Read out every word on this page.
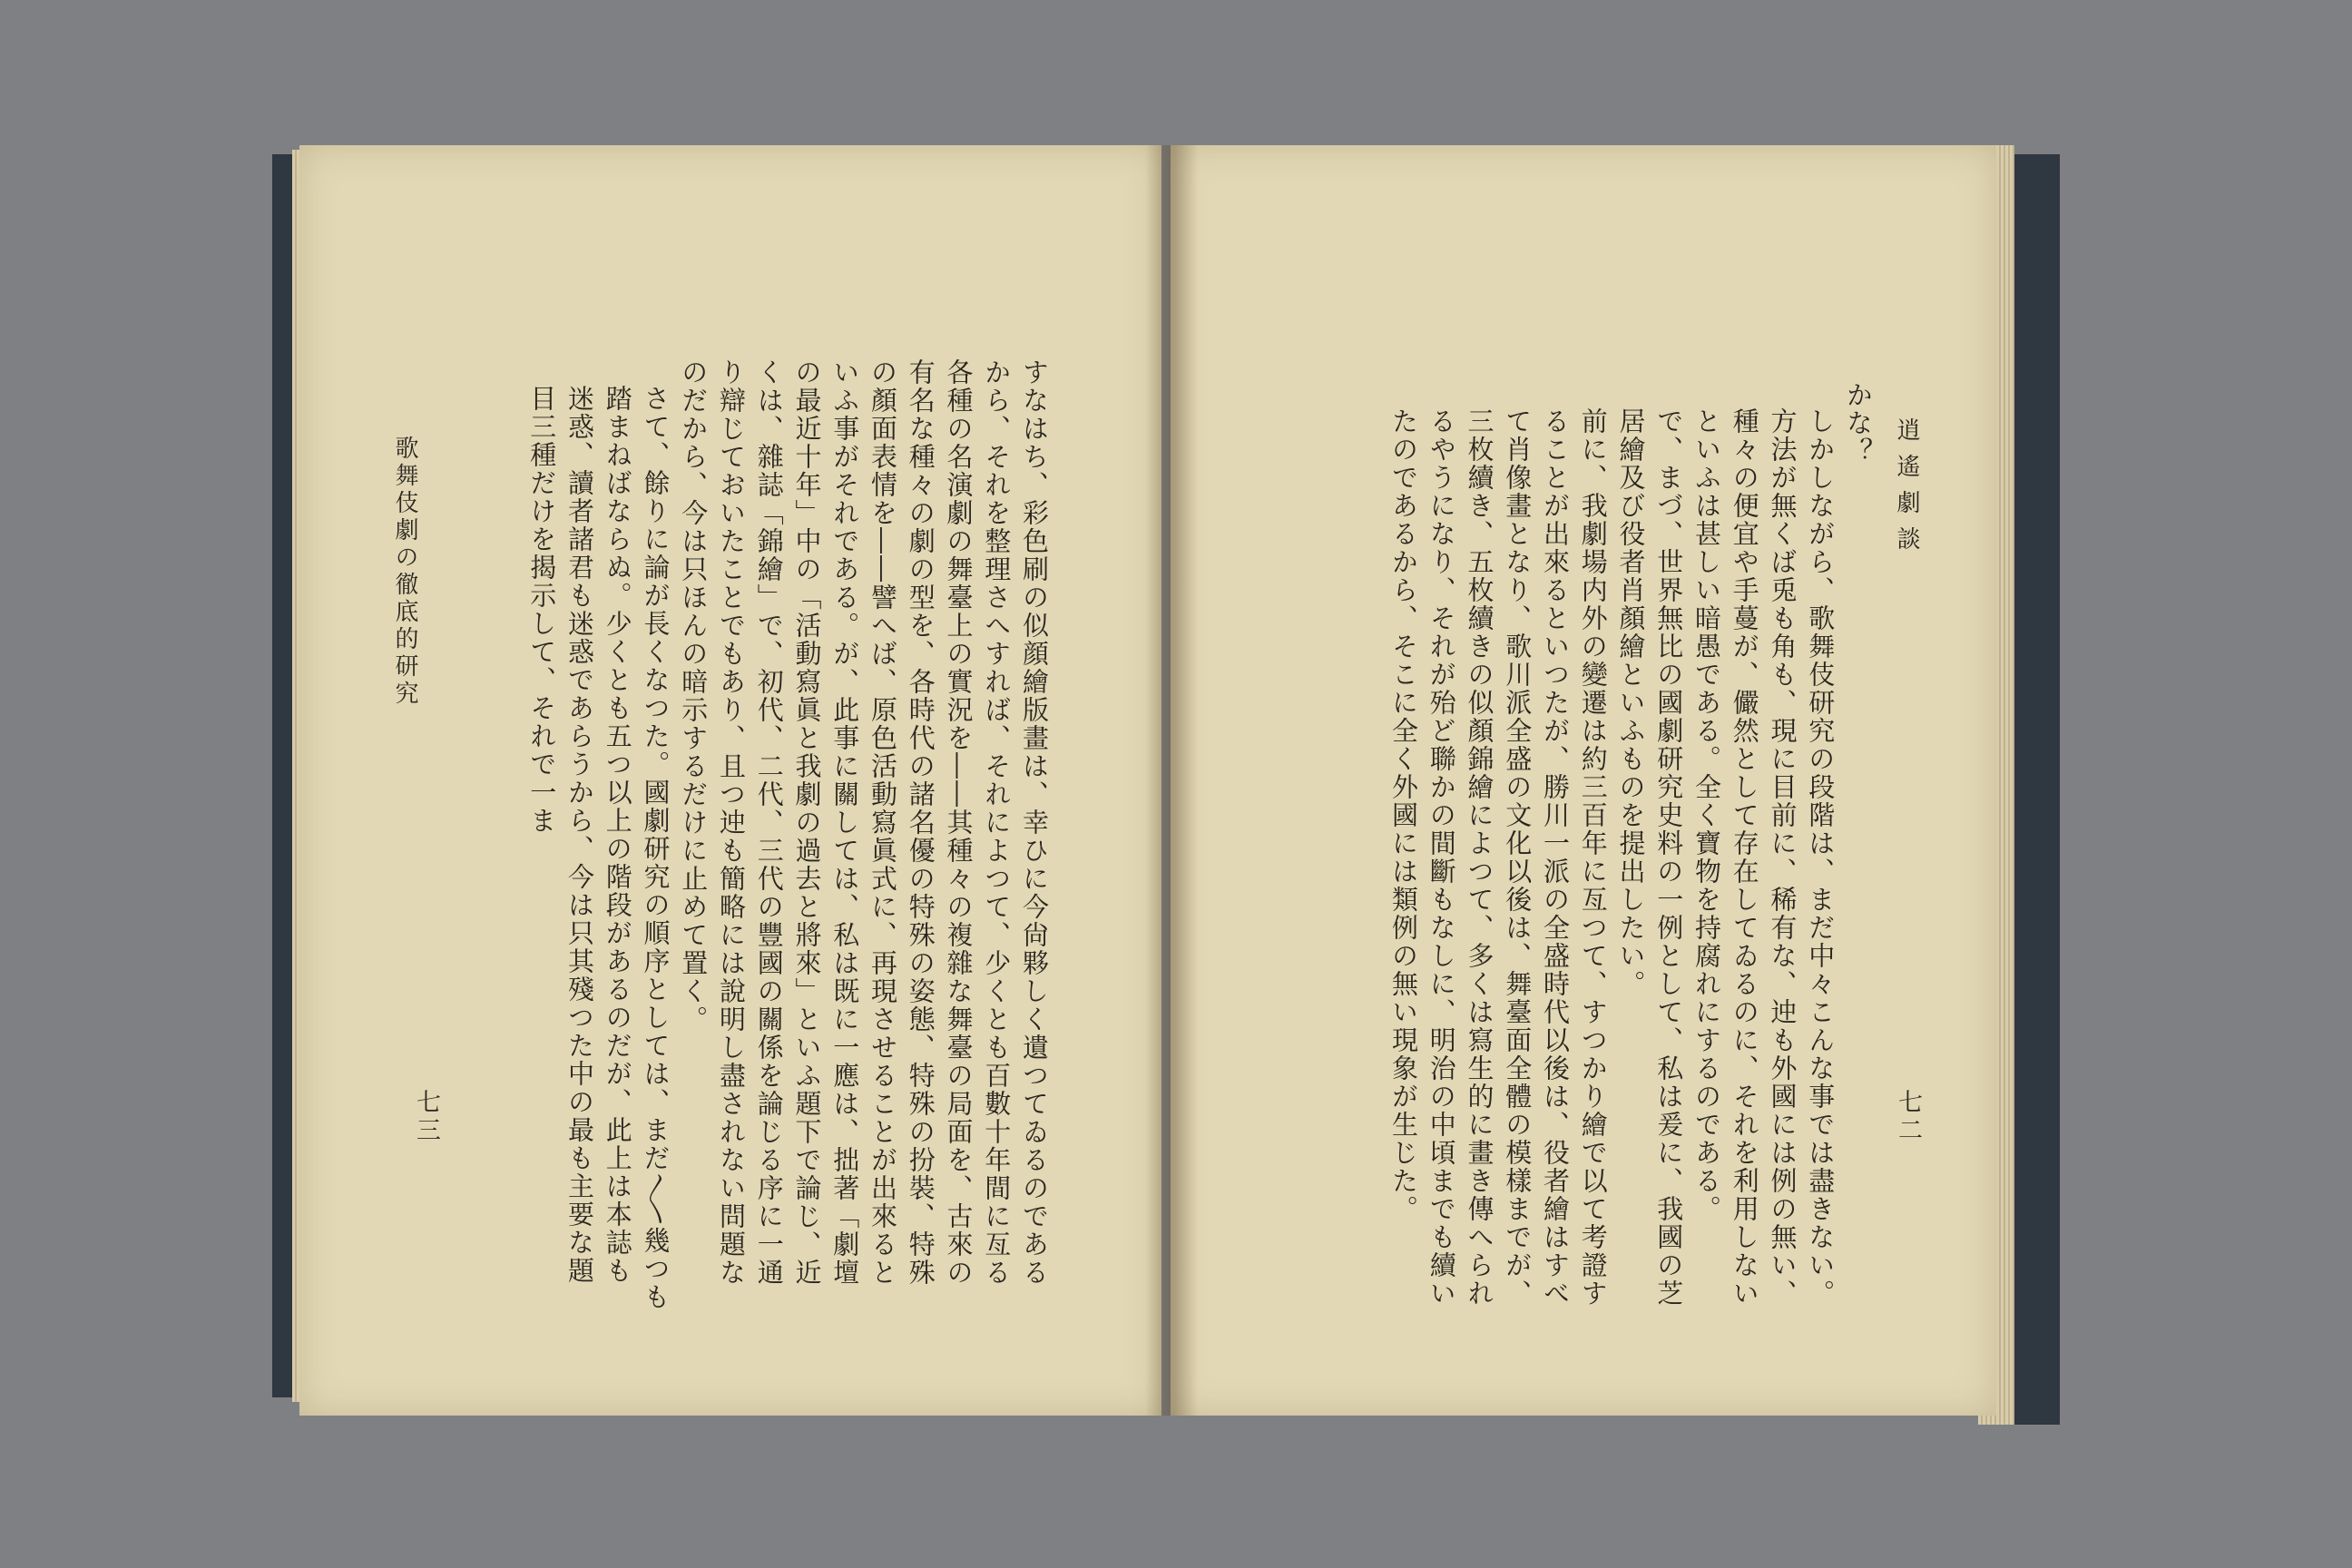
逍遙劇談

かな？

しかしながら、歌舞伎研究の段階は、まだ中々こんな事では盡きない。方法が無くば兎も角も、現に目前に、稀有な、迚も外國には例の無い、種々の便宜や手蔓が、儼然として存在してゐるのに、それを利用しないといふは甚しい暗愚である。全く寶物を持腐れにするのである。

で、まづ、世界無比の國劇研究史料の一例として、私は爰に、我國の芝居繪及び役者肖顏繪といふものを提出したい。

前に、我劇場内外の變遷は約三百年に亙つて、すつかり繪で以て考證することが出來るといつたが、勝川一派の全盛時代以後は、役者繪はすべて肖像畫となり、歌川派全盛の文化以後は、舞臺面全體の模樣までが、三枚續き、五枚續きの似顏錦繪によつて、多くは寫生的に畫き傳へられるやうになり、それが殆ど聯かの間斷もなしに、明治の中頃までも續いたのであるから、そこに全く外國には類例の無い現象が生じた。	七二

すなはち、彩色刷の似顔繪版畫は、幸ひに今尙夥しく遺つてゐるのであるから、それを整理さへすれば、それによつて、少くとも百數十年間に亙る各種の名演劇の舞臺上の實況を――其種々の複雜な舞臺の局面を、古來の有名な種々の劇の型を、各時代の諸名優の特殊の姿態、特殊の扮裝、特殊の顏面表情を――譬へば、原色活動寫眞式に、再現させることが出來るといふ事がそれである。が、此事に關しては、私は既に一應は、拙著「劇壇の最近十年」中の「活動寫眞と我劇の過去と將來」といふ題下で論じ、近くは、雜誌「錦繪」で、初代、二代、三代の豐國の關係を論じる序に一通り辯じておいたことでもあり、且つ迚も簡略には說明し盡されない問題なのだから、今は只ほんの暗示するだけに止めて置く。

さて、餘りに論が長くなつた。國劇研究の順序としては、まだ〳〵幾つも踏まねばならぬ。少くとも五つ以上の階段があるのだが、此上は本誌も迷惑、讀者諸君も迷惑であらうから、今は只其殘つた中の最も主要な題目三種だけを揭示して、それで一ま

歌舞伎劇の徹底的研究
七三
